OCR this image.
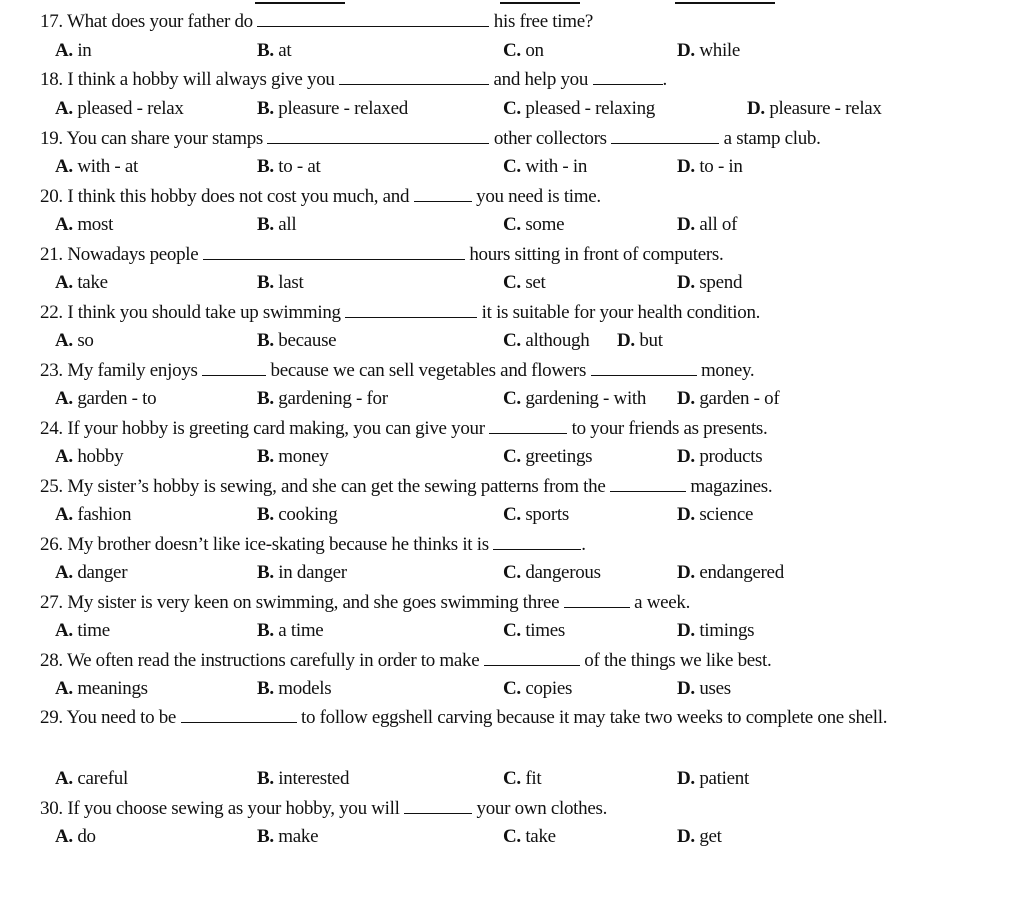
17. What does your father do	his free time?
A. in	B. at	C. on	D. while
18. I think a hobby will always give you	and help you	.
A. pleased - relax	B. pleasure - relaxed	C. pleased - relaxing	D. pleasure - relax
19. You can share your stamps	other collectors	a stamp club.
A. with - at	B. to - at	C. with - in	D. to - in
20. I think this hobby does not cost you much, and	you need is time.
A. most	B. all	C. some	D. all of
21. Nowadays people	hours sitting in front of computers.
A. take	B. last	C. set	D. spend
22. I think you should take up swimming	it is suitable for your health condition.
A. so	B. because	C. although D. but
23. My family enjoys	because we can sell vegetables and flowers	money.
A. garden - to	B. gardening - for	C. gardening - with D. garden - of
24. If your hobby is greeting card making, you can give your	to your friends as presents.
A. hobby	B. money	C. greetings	D. products
25. My sister’s hobby is sewing, and she can get the sewing patterns from the	magazines.
A. fashion	B. cooking	C. sports	D. science
26. My brother doesn’t like ice-skating because he thinks it is	.
A. danger	B. in danger	C. dangerous	D. endangered
27. My sister is very keen on swimming, and she goes swimming three	a week.
A. time	B. a time	C. times	D. timings
28. We often read the instructions carefully in order to make	of the things we like best.
A. meanings	B. models	C. copies	D. uses
29. You need to be	to follow eggshell carving because it may take two weeks to complete one shell.
A. careful	B. interested	C. fit	D. patient
30. If you choose sewing as your hobby, you will	your own clothes.
A. do	B. make	C. take	D. get
